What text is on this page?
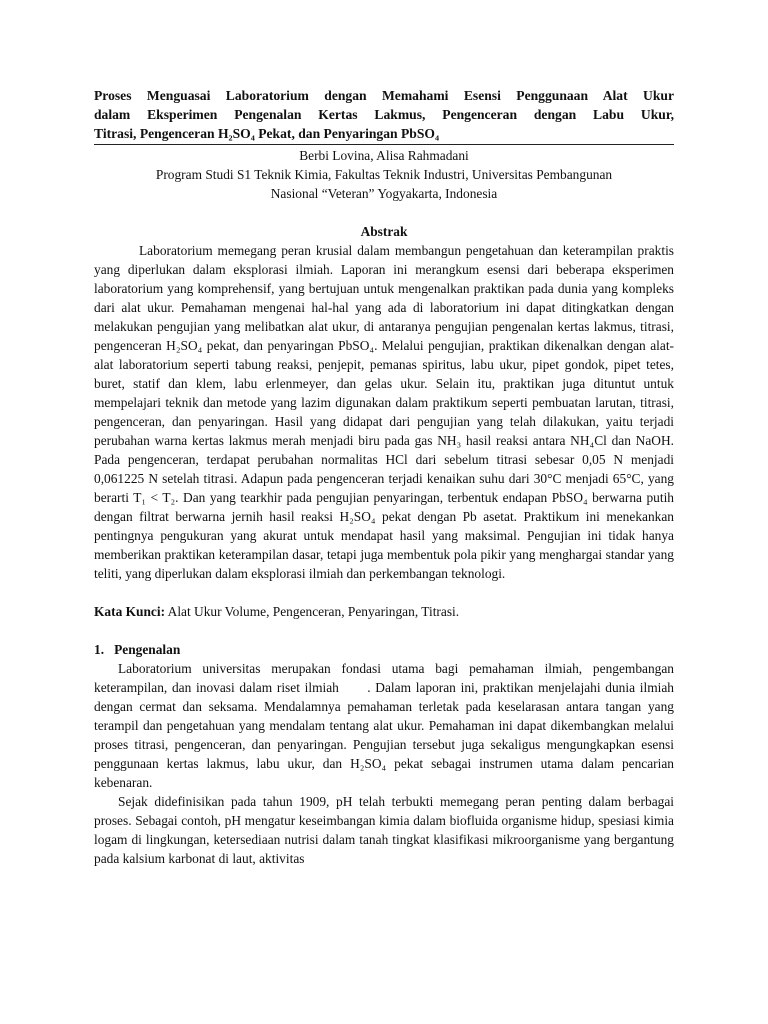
Proses Menguasai Laboratorium dengan Memahami Esensi Penggunaan Alat Ukur
dalam Eksperimen Pengenalan Kertas Lakmus, Pengenceran dengan Labu Ukur,
Titrasi, Pengenceran H₂SO₄ Pekat, dan Penyaringan PbSO₄
Berbi Lovina, Alisa Rahmadani
Program Studi S1 Teknik Kimia, Fakultas Teknik Industri, Universitas Pembangunan
Nasional “Veteran” Yogyakarta, Indonesia
Abstrak

Laboratorium memegang peran krusial dalam membangun pengetahuan dan keterampilan praktis yang diperlukan dalam eksplorasi ilmiah. Laporan ini merangkum esensi dari beberapa eksperimen laboratorium yang komprehensif, yang bertujuan untuk mengenalkan praktikan pada dunia yang kompleks dari alat ukur. Pemahaman mengenai hal-hal yang ada di laboratorium ini dapat ditingkatkan dengan melakukan pengujian yang melibatkan alat ukur, di antaranya pengujian pengenalan kertas lakmus, titrasi, pengenceran H₂SO₄ pekat, dan penyaringan PbSO₄. Melalui pengujian, praktikan dikenalkan dengan alat-alat laboratorium seperti tabung reaksi, penjepit, pemanas spiritus, labu ukur, pipet gondok, pipet tetes, buret, statif dan klem, labu erlenmeyer, dan gelas ukur. Selain itu, praktikan juga dituntut untuk mempelajari teknik dan metode yang lazim digunakan dalam praktikum seperti pembuatan larutan, titrasi, pengenceran, dan penyaringan. Hasil yang didapat dari pengujian yang telah dilakukan, yaitu terjadi perubahan warna kertas lakmus merah menjadi biru pada gas NH₃ hasil reaksi antara NH₄Cl dan NaOH. Pada pengenceran, terdapat perubahan normalitas HCl dari sebelum titrasi sebesar 0,05 N menjadi 0,061225 N setelah titrasi. Adapun pada pengenceran terjadi kenaikan suhu dari 30°C menjadi 65°C, yang berarti T₁ < T₂. Dan yang tearkhir pada pengujian penyaringan, terbentuk endapan PbSO₄ berwarna putih dengan filtrat berwarna jernih hasil reaksi H₂SO₄ pekat dengan Pb asetat. Praktikum ini menekankan pentingnya pengukuran yang akurat untuk mendapat hasil yang maksimal. Pengujian ini tidak hanya memberikan praktikan keterampilan dasar, tetapi juga membentuk pola pikir yang menghargai standar yang teliti, yang diperlukan dalam eksplorasi ilmiah dan perkembangan teknologi.

Kata Kunci: Alat Ukur Volume, Pengenceran, Penyaringan, Titrasi.

1.   Pengenalan

Laboratorium universitas merupakan fondasi utama bagi pemahaman ilmiah, pengembangan keterampilan, dan inovasi dalam riset ilmiah      . Dalam laporan ini, praktikan menjelajahi dunia ilmiah dengan cermat dan seksama. Mendalamnya pemahaman terletak pada keselarasan antara tangan yang terampil dan pengetahuan yang mendalam tentang alat ukur. Pemahaman ini dapat dikembangkan melalui proses titrasi, pengenceran, dan penyaringan. Pengujian tersebut juga sekaligus mengungkapkan esensi penggunaan kertas lakmus, labu ukur, dan H₂SO₄ pekat sebagai instrumen utama dalam pencarian kebenaran.

Sejak didefinisikan pada tahun 1909, pH telah terbukti memegang peran penting dalam berbagai proses. Sebagai contoh, pH mengatur keseimbangan kimia dalam biofluida organisme hidup, spesiasi kimia logam di lingkungan, ketersediaan nutrisi dalam tanah tingkat klasifikasi mikroorganisme yang bergantung pada kalsium karbonat di laut, aktivitas
